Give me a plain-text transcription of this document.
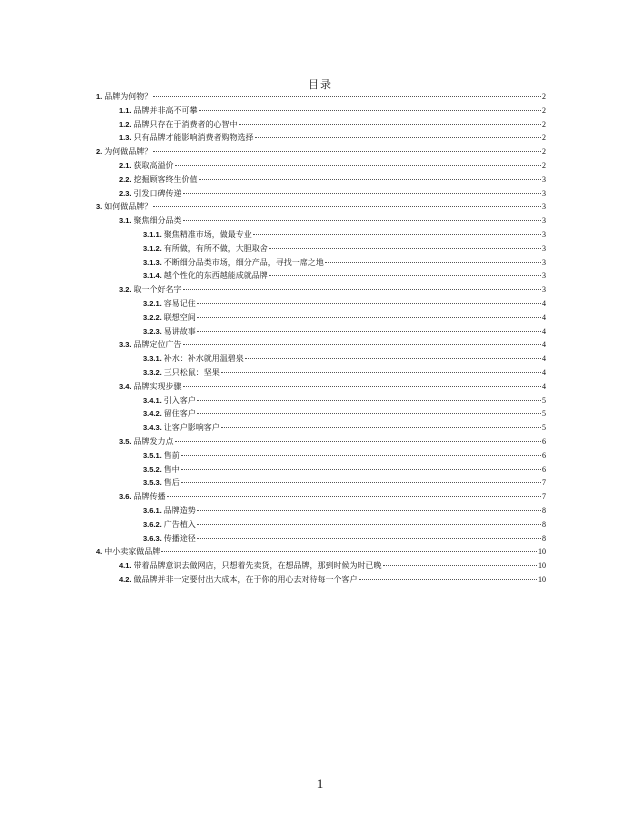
目录
1. 品牌为何物？	2
1.1. 品牌并非高不可攀	2
1.2. 品牌只存在于消费者的心智中	2
1.3. 只有品牌才能影响消费者购物选择	2
2. 为何做品牌？	2
2.1. 获取高溢价	2
2.2. 挖掘顾客终生价值	3
2.3. 引发口碑传递	3
3. 如何做品牌？	3
3.1. 聚焦细分品类	3
3.1.1. 聚焦精准市场，做最专业	3
3.1.2. 有所做，有所不做，大胆取舍	3
3.1.3. 不断细分品类市场，细分产品，寻找一席之地	3
3.1.4. 越个性化的东西越能成就品牌	3
3.2. 取一个好名字	3
3.2.1. 容易记住	4
3.2.2. 联想空间	4
3.2.3. 易讲故事	4
3.3. 品牌定位广告	4
3.3.1. 补水：补水就用温碧泉	4
3.3.2. 三只松鼠：坚果	4
3.4. 品牌实现步骤	4
3.4.1. 引入客户	5
3.4.2. 留住客户	5
3.4.3. 让客户影响客户	5
3.5. 品牌发力点	6
3.5.1. 售前	6
3.5.2. 售中	6
3.5.3. 售后	7
3.6. 品牌传播	7
3.6.1. 品牌造势	8
3.6.2. 广告植入	8
3.6.3. 传播途径	8
4. 中小卖家做品牌	10
4.1. 带着品牌意识去做网店，只想着先卖货，在想品牌，那到时候为时已晚	10
4.2. 做品牌并非一定要付出大成本，在于你的用心去对待每一个客户	10
1
